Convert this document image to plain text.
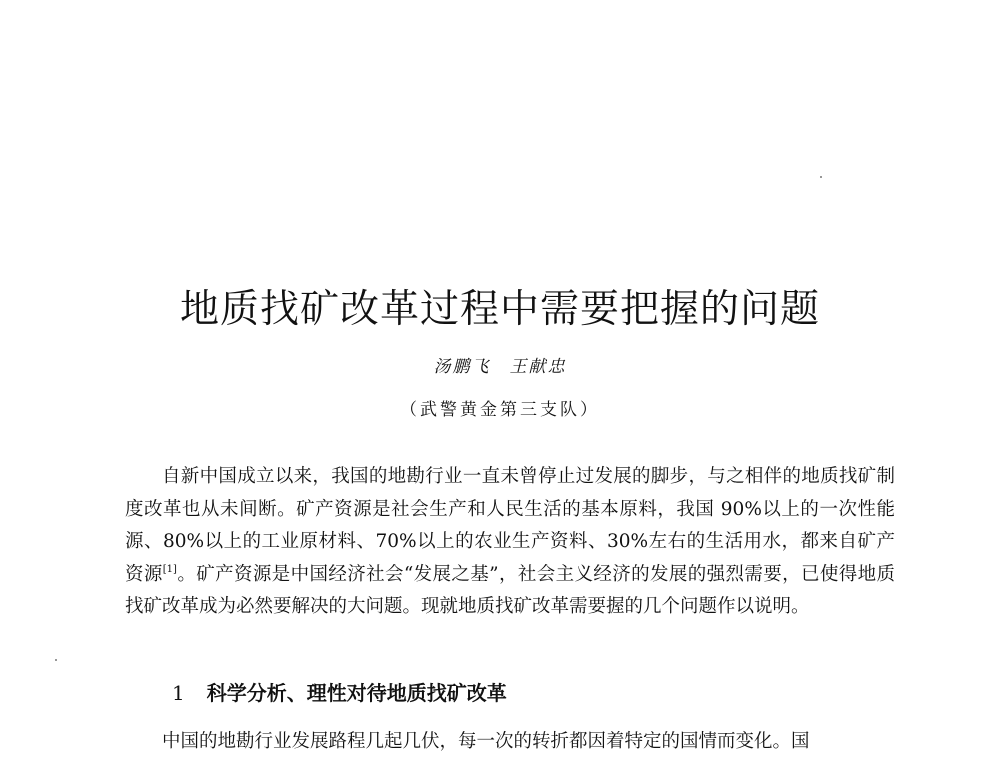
地质找矿改革过程中需要把握的问题
汤鹏飞　王献忠
（武警黄金第三支队）

自新中国成立以来，我国的地勘行业一直未曾停止过发展的脚步，与之相伴的地质找矿制度改革也从未间断。矿产资源是社会生产和人民生活的基本原料，我国 90%以上的一次性能源、80%以上的工业原材料、70%以上的农业生产资料、30%左右的生活用水，都来自矿产资源[1]。矿产资源是中国经济社会“发展之基”，社会主义经济的发展的强烈需要，已使得地质找矿改革成为必然要解决的大问题。现就地质找矿改革需要握的几个问题作以说明。

1 科学分析、理性对待地质找矿改革

中国的地勘行业发展路程几起几伏，每一次的转折都因着特定的国情而变化。国
